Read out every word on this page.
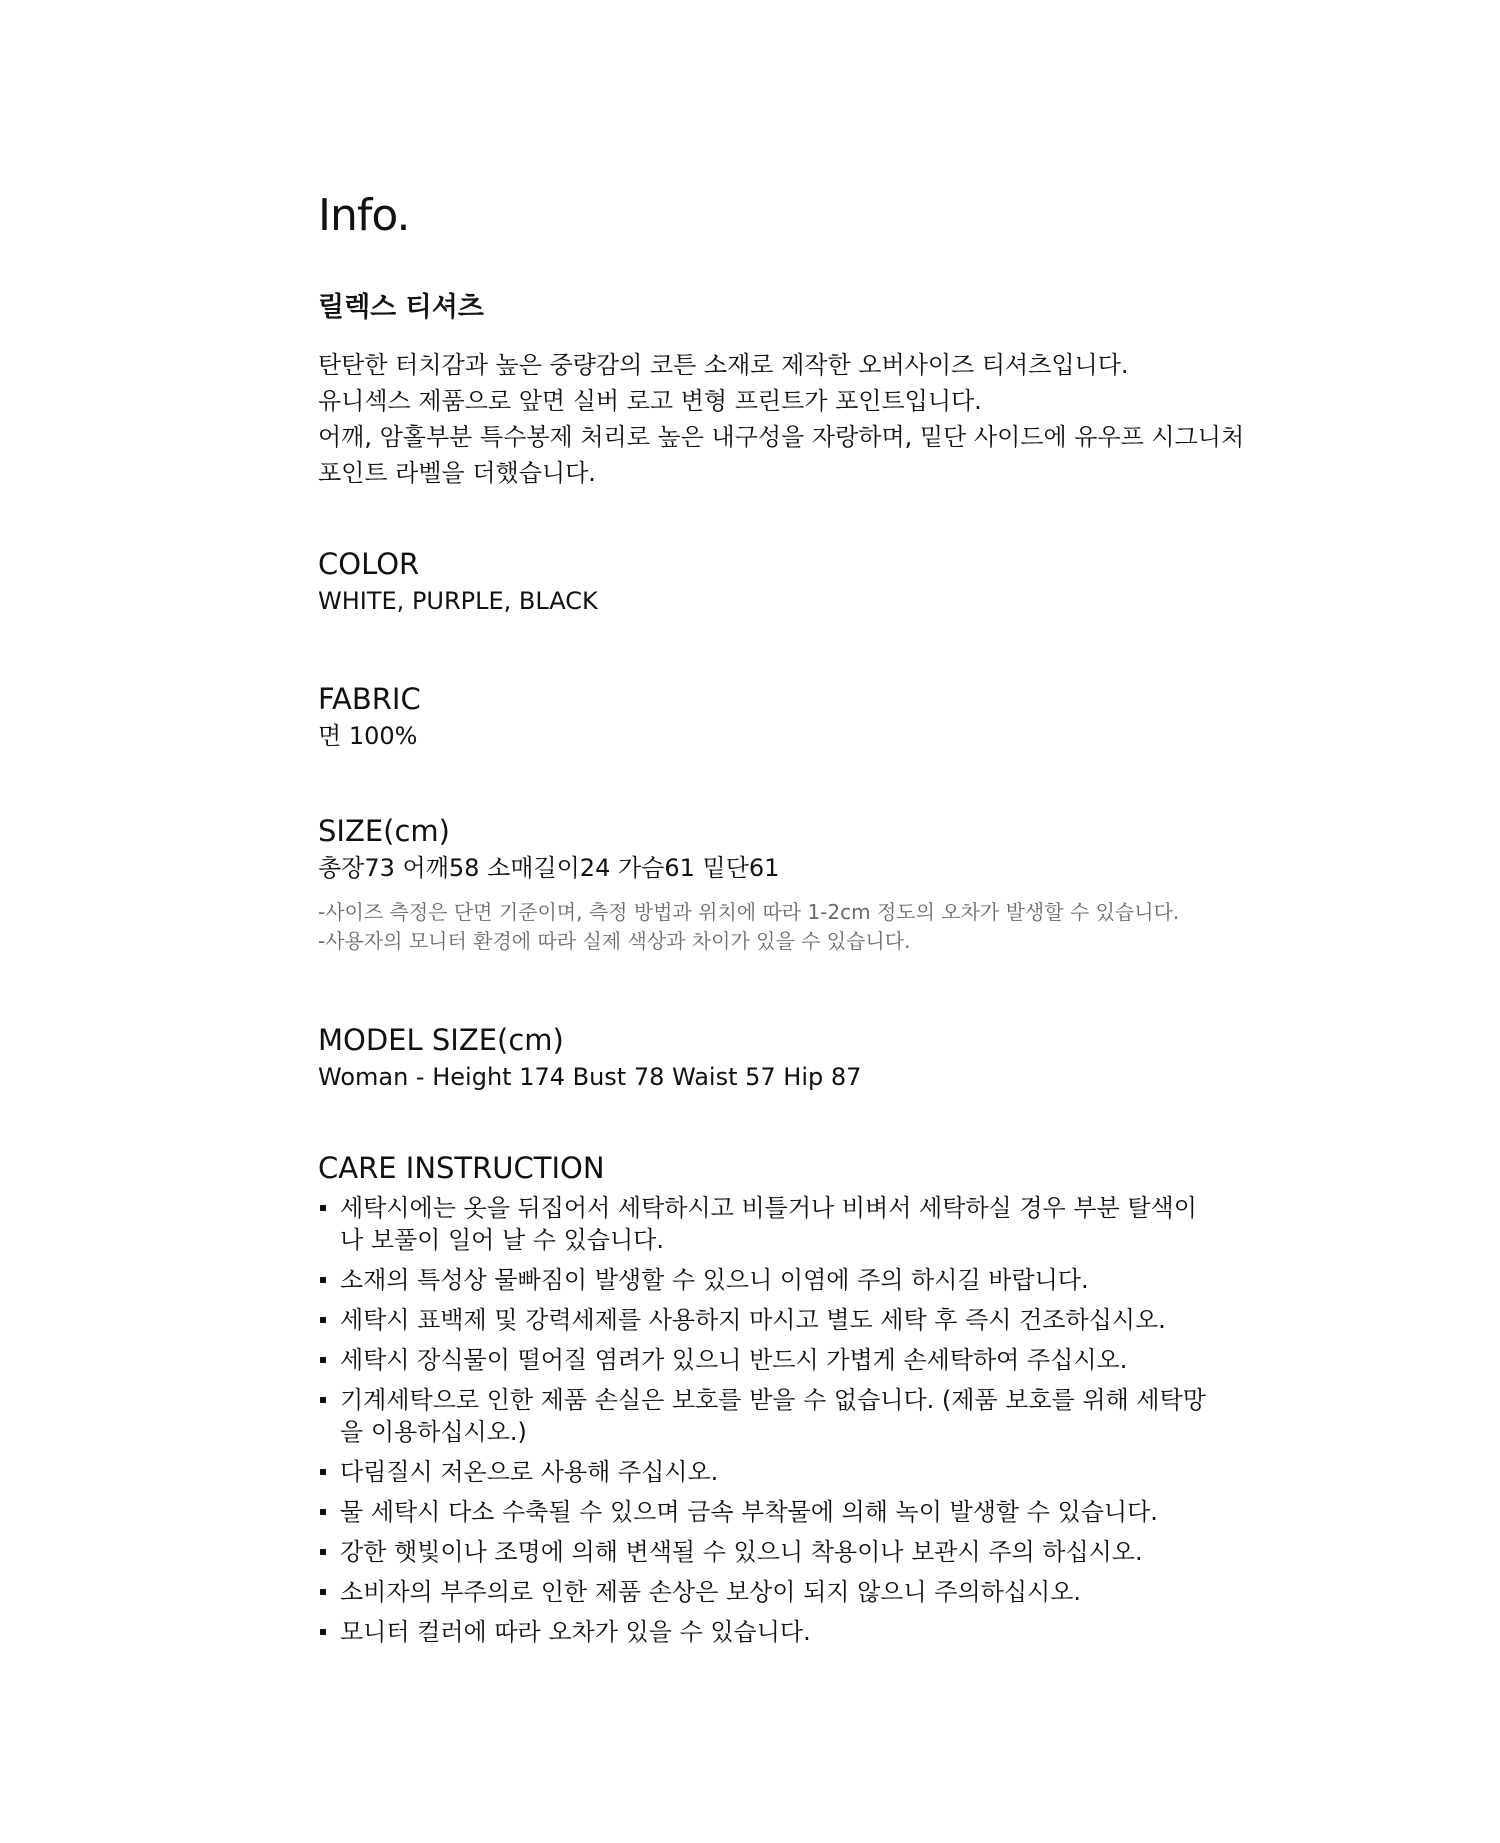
Info.
릴렉스 티셔츠
탄탄한 터치감과 높은 중량감의 코튼 소재로 제작한 오버사이즈 티셔츠입니다.
유니섹스 제품으로 앞면 실버 로고 변형 프린트가 포인트입니다.
어깨, 암홀부분 특수봉제 처리로 높은 내구성을 자랑하며, 밑단 사이드에 유우프 시그니처
포인트 라벨을 더했습니다.
COLOR
WHITE, PURPLE, BLACK
FABRIC
면 100%
SIZE(cm)
총장73 어깨58 소매길이24 가슴61 밑단61
-사이즈 측정은 단면 기준이며, 측정 방법과 위치에 따라 1-2cm 정도의 오차가 발생할 수 있습니다.
-사용자의 모니터 환경에 따라 실제 색상과 차이가 있을 수 있습니다.
MODEL SIZE(cm)
Woman - Height 174 Bust 78 Waist 57 Hip 87
CARE INSTRUCTION
세탁시에는 옷을 뒤집어서 세탁하시고 비틀거나 비벼서 세탁하실 경우 부분 탈색이나 보풀이 일어 날 수 있습니다.
소재의 특성상 물빠짐이 발생할 수 있으니 이염에 주의 하시길 바랍니다.
세탁시 표백제 및 강력세제를 사용하지 마시고 별도 세탁 후 즉시 건조하십시오.
세탁시 장식물이 떨어질 염려가 있으니 반드시 가볍게 손세탁하여 주십시오.
기계세탁으로 인한 제품 손실은 보호를 받을 수 없습니다. (제품 보호를 위해 세탁망을 이용하십시오.)
다림질시 저온으로 사용해 주십시오.
물 세탁시 다소 수축될 수 있으며 금속 부착물에 의해 녹이 발생할 수 있습니다.
강한 햇빛이나 조명에 의해 변색될 수 있으니 착용이나 보관시 주의 하십시오.
소비자의 부주의로 인한 제품 손상은 보상이 되지 않으니 주의하십시오.
모니터 컬러에 따라 오차가 있을 수 있습니다.
